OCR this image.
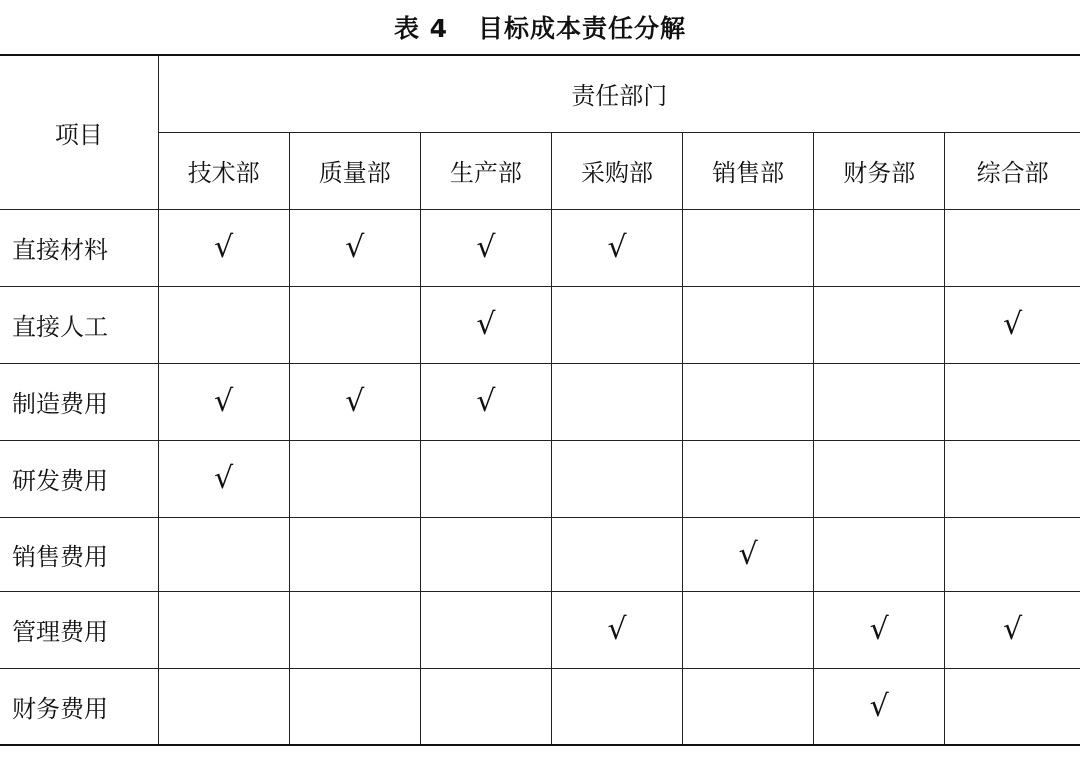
表 4 目标成本责任分解
项目	责任部门						
	技术部	质量部	生产部	采购部	销售部	财务部	综合部
直接材料	√	√	√	√			
直接人工			√				√
制造费用	√	√	√				
研发费用	√						
销售费用					√		
管理费用				√		√	√
财务费用						√	
